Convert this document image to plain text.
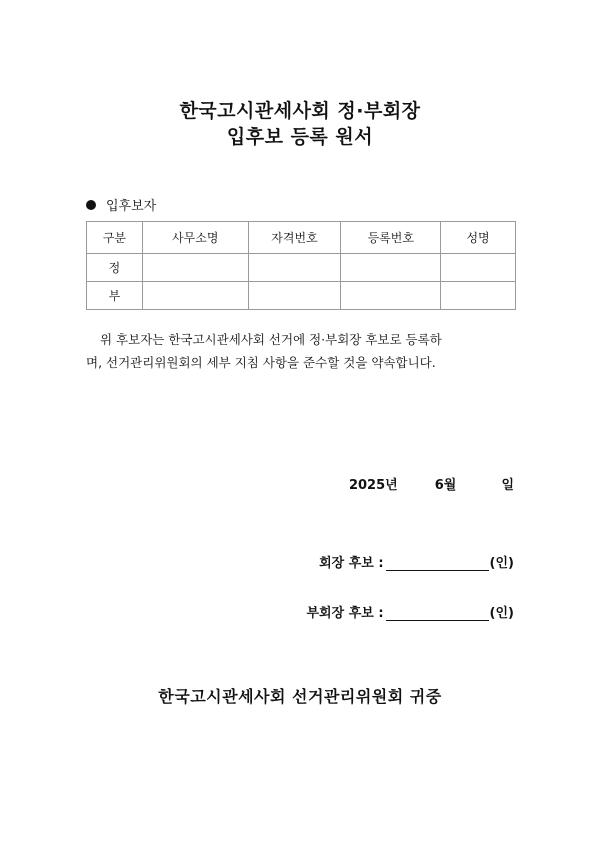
한국고시관세사회 정·부회장
입후보 등록 원서
입후보자
구분	사무소명	자격번호	등록번호	성명
정				
부				

위 후보자는 한국고시관세사회 선거에 정·부회장 후보로 등록하

며, 선거관리위원회의 세부 지침 사항을 준수할 것을 약속합니다.

2025년	6월	일
회장 후보 :	(인)
부회장 후보 :	(인)
한국고시관세사회 선거관리위원회 귀중
